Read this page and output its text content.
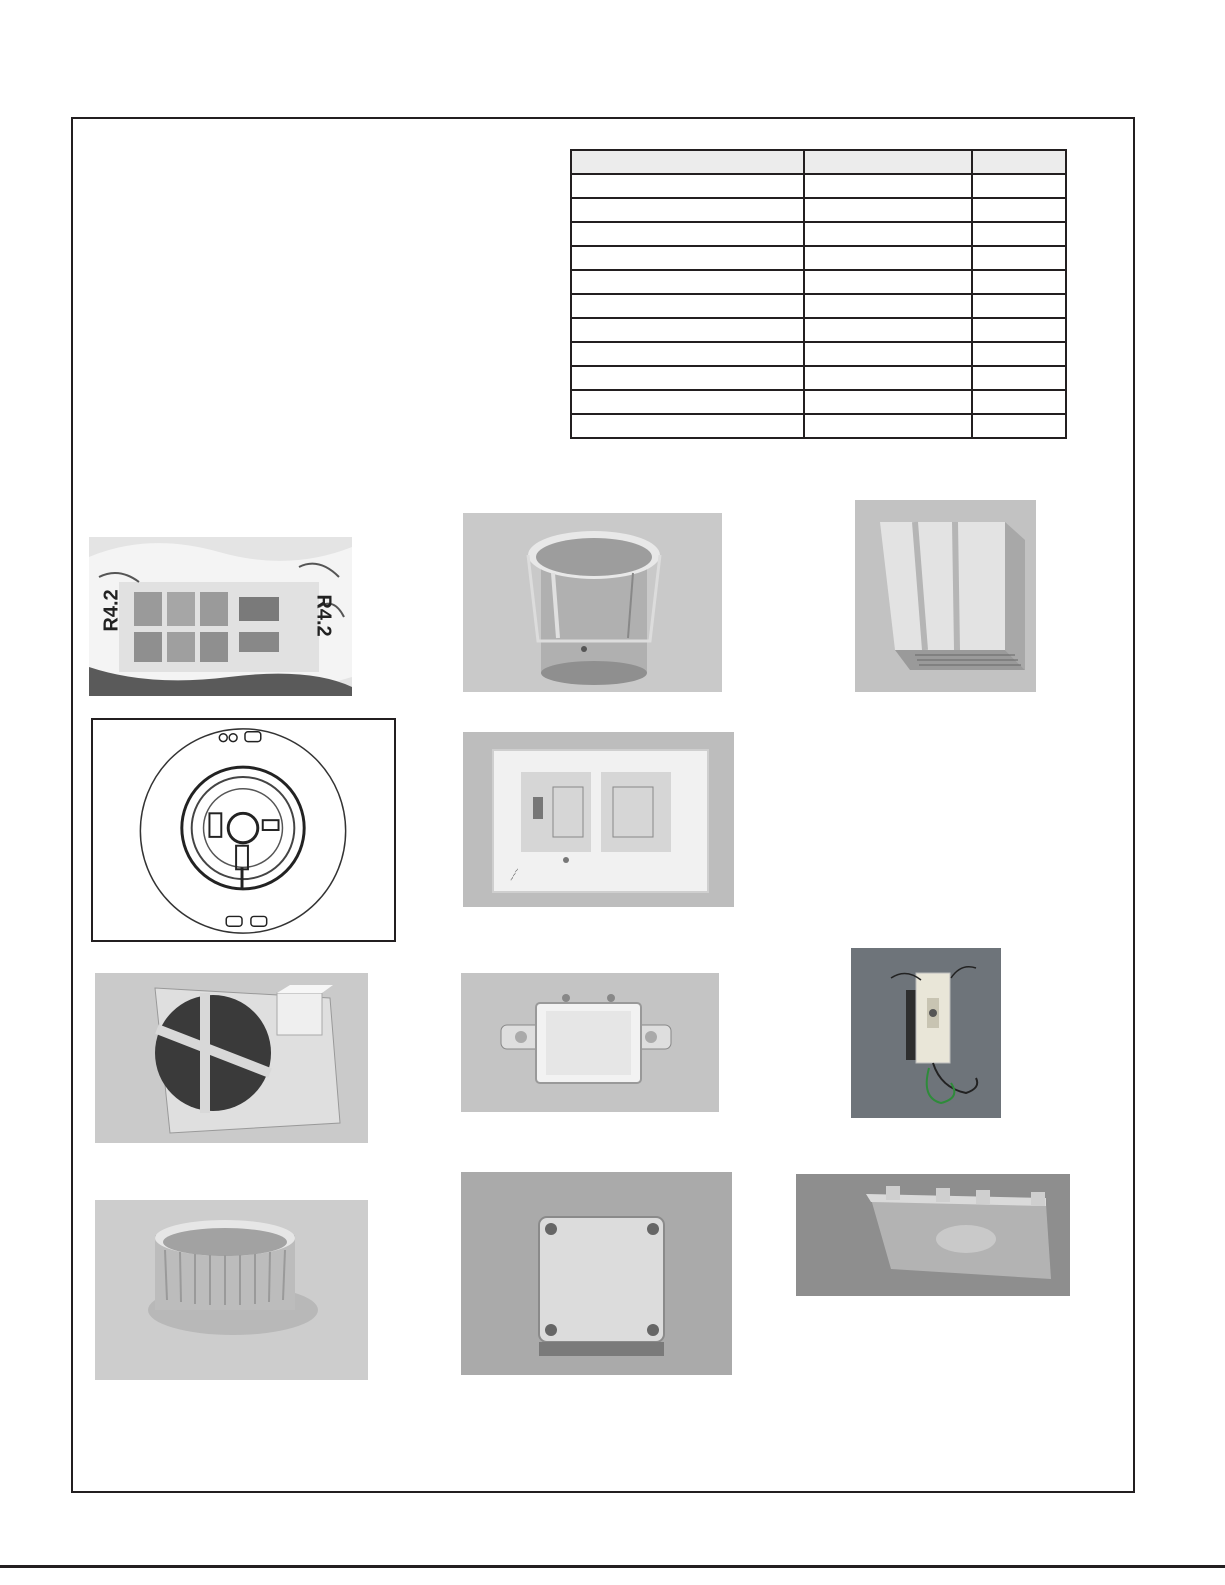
R4.2
R4.2
~~~
